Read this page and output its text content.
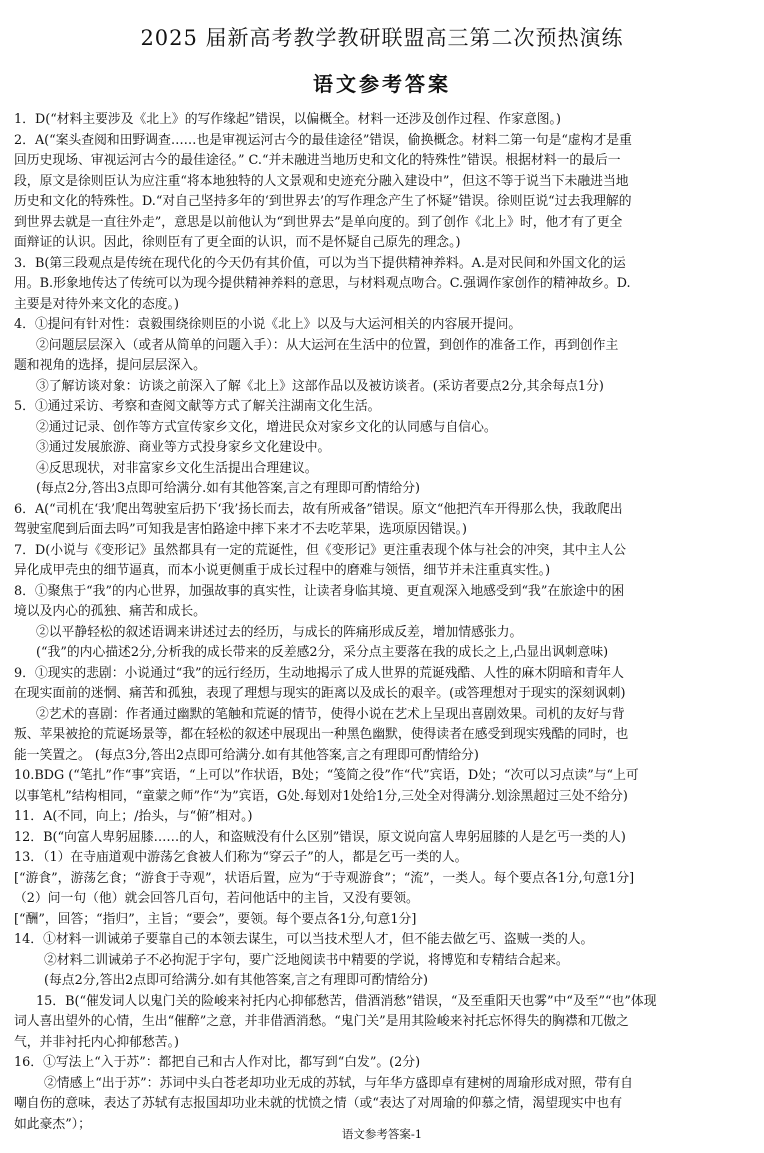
2025 届新高考教学教研联盟高三第二次预热演练
语文参考答案
1．D(“材料主要涉及《北上》的写作缘起”错误，以偏概全。材料一还涉及创作过程、作家意图。)
2．A(“案头查阅和田野调查……也是审视运河古今的最佳途径”错误，偷换概念。材料二第一句是“虚构才是重
回历史现场、审视运河古今的最佳途径。” C.“并未融进当地历史和文化的特殊性”错误。根据材料一的最后一
段，原文是徐则臣认为应注重“将本地独特的人文景观和史迹充分融入建设中”，但这不等于说当下未融进当地
历史和文化的特殊性。D.“对自己坚持多年的‘到世界去’的写作理念产生了怀疑”错误。徐则臣说“过去我理解的
到世界去就是一直往外走”，意思是以前他认为“到世界去”是单向度的。到了创作《北上》时，他才有了更全
面辩证的认识。因此，徐则臣有了更全面的认识，而不是怀疑自己原先的理念。)
3．B(第三段观点是传统在现代化的今天仍有其价值，可以为当下提供精神养料。A.是对民间和外国文化的运
用。B.形象地传达了传统可以为现今提供精神养料的意思，与材料观点吻合。C.强调作家创作的精神故乡。D.
主要是对待外来文化的态度。)
4．①提问有针对性：袁毅围绕徐则臣的小说《北上》以及与大运河相关的内容展开提问。
②问题层层深入（或者从简单的问题入手）：从大运河在生活中的位置，到创作的准备工作，再到创作主
题和视角的选择，提问层层深入。
③了解访谈对象：访谈之前深入了解《北上》这部作品以及被访谈者。(采访者要点2分,其余每点1分)
5．①通过采访、考察和查阅文献等方式了解关注湖南文化生活。
②通过记录、创作等方式宣传家乡文化，增进民众对家乡文化的认同感与自信心。
③通过发展旅游、商业等方式投身家乡文化建设中。
④反思现状，对非富家乡文化生活提出合理建议。
(每点2分,答出3点即可给满分.如有其他答案,言之有理即可酌情给分)
6．A(“司机在‘我’爬出驾驶室后扔下‘我’扬长而去，故有所戒备”错误。原文“他把汽车开得那么快，我敢爬出
驾驶室爬到后面去吗”可知我是害怕路途中摔下来才不去吃苹果，选项原因错误。)
7．D(小说与《变形记》虽然都具有一定的荒诞性，但《变形记》更注重表现个体与社会的冲突，其中主人公
异化成甲壳虫的细节逼真，而本小说更侧重于成长过程中的磨难与领悟，细节并未注重真实性。)
8．①聚焦于“我”的内心世界，加强故事的真实性，让读者身临其境、更直观深入地感受到“我”在旅途中的困
境以及内心的孤独、痛苦和成长。
②以平静轻松的叙述语调来讲述过去的经历，与成长的阵痛形成反差，增加情感张力。
(“我”的内心描述2分,分析我的成长带来的反差感2分，采分点主要落在我的成长之上,凸显出讽刺意味)
9．①现实的悲剧：小说通过“我”的远行经历，生动地揭示了成人世界的荒诞残酷、人性的麻木阴暗和青年人
在现实面前的迷惘、痛苦和孤独，表现了理想与现实的距离以及成长的艰辛。(或答理想对于现实的深刻讽刺)
②艺术的喜剧：作者通过幽默的笔触和荒诞的情节，使得小说在艺术上呈现出喜剧效果。司机的友好与背
叛、苹果被抢的荒诞场景等，都在轻松的叙述中展现出一种黑色幽默，使得读者在感受到现实残酷的同时，也
能一笑置之。 (每点3分,答出2点即可给满分.如有其他答案,言之有理即可酌情给分)
10.BDG (“笔扎”作“事”宾语，“上可以”作状语，B处；“笺简之役”作“代”宾语，D处；“次可以习点读”与“上可
以事笔札”结构相同，“童蒙之师”作“为”宾语，G处.每划对1处给1分,三处全对得满分.划涂黑超过三处不给分)
11．A(不同，向上；/抬头，与“俯”相对。)
12．B(“向富人卑躬屈膝……的人，和盗贼没有什么区别”错误，原文说向富人卑躬屈膝的人是乞丐一类的人)
13．（1）在寺庙道观中游荡乞食被人们称为“穿云子”的人，都是乞丐一类的人。
[“游食”，游荡乞食；“游食于寺观”，状语后置，应为“于寺观游食”；“流”，一类人。每个要点各1分,句意1分]
（2）问一句（他）就会回答几百句，若问他话中的主旨，又没有要领。
[“酬”，回答；“指归”，主旨；“要会”，要领。每个要点各1分,句意1分]
14．①材料一训诫弟子要靠自己的本领去谋生，可以当技术型人才，但不能去做乞丐、盗贼一类的人。
②材料二训诫弟子不必拘泥于字句，要广泛地阅读书中精要的学说，将博览和专精结合起来。
(每点2分,答出2点即可给满分.如有其他答案,言之有理即可酌情给分)
15．B(“催发词人以鬼门关的险峻来衬托内心抑郁愁苦，借酒消愁”错误，“及至重阳天也雾”中“及至”“也”体现
词人喜出望外的心情，生出“催醉”之意，并非借酒消愁。“鬼门关”是用其险峻来衬托忘怀得失的胸襟和兀傲之
气，并非衬托内心抑郁愁苦。)
16．①写法上“入于苏”：都把自己和古人作对比，都写到“白发”。(2分)
②情感上“出于苏”：苏词中头白苍老却功业无成的苏轼，与年华方盛即卓有建树的周瑜形成对照，带有自
嘲自伤的意味，表达了苏轼有志报国却功业未就的忧愤之情（或“表达了对周瑜的仰慕之情，渴望现实中也有
如此豪杰”）；
语文参考答案-1
